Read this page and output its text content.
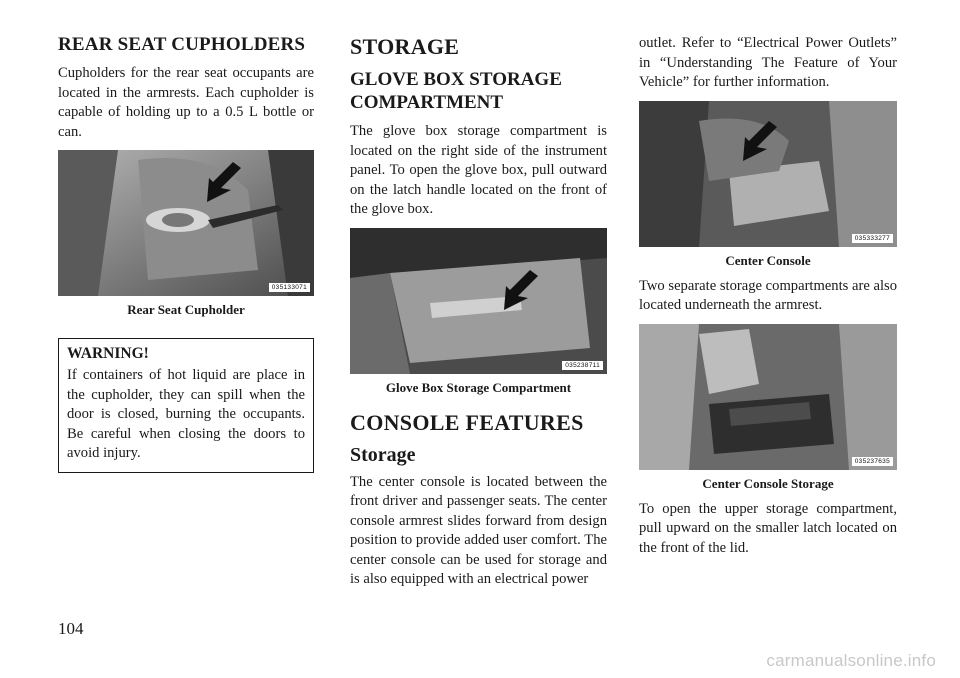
REAR SEAT CUPHOLDERS

Cupholders for the rear seat occupants are located in the armrests. Each cupholder is capable of holding up to a 0.5 L bottle or can.

035133071
Rear Seat Cupholder
WARNING!

If containers of hot liquid are place in the cupholder, they can spill when the door is closed, burning the occupants. Be careful when closing the doors to avoid injury.

STORAGE
GLOVE BOX STORAGE COMPARTMENT

The glove box storage compartment is located on the right side of the instrument panel. To open the glove box, pull outward on the latch handle located on the front of the glove box.

035238711
Glove Box Storage Compartment
CONSOLE FEATURES
Storage

The center console is located between the front driver and passenger seats. The center console armrest slides forward from design position to provide added user comfort. The center console can be used for storage and is also equipped with an electrical power

outlet. Refer to “Electrical Power Outlets” in “Understanding The Feature of Your Vehicle” for further information.

035333277
Center Console

Two separate storage compartments are also located underneath the armrest.

035237635
Center Console Storage

To open the upper storage compartment, pull upward on the smaller latch located on the front of the lid.

104
carmanualsonline.info
